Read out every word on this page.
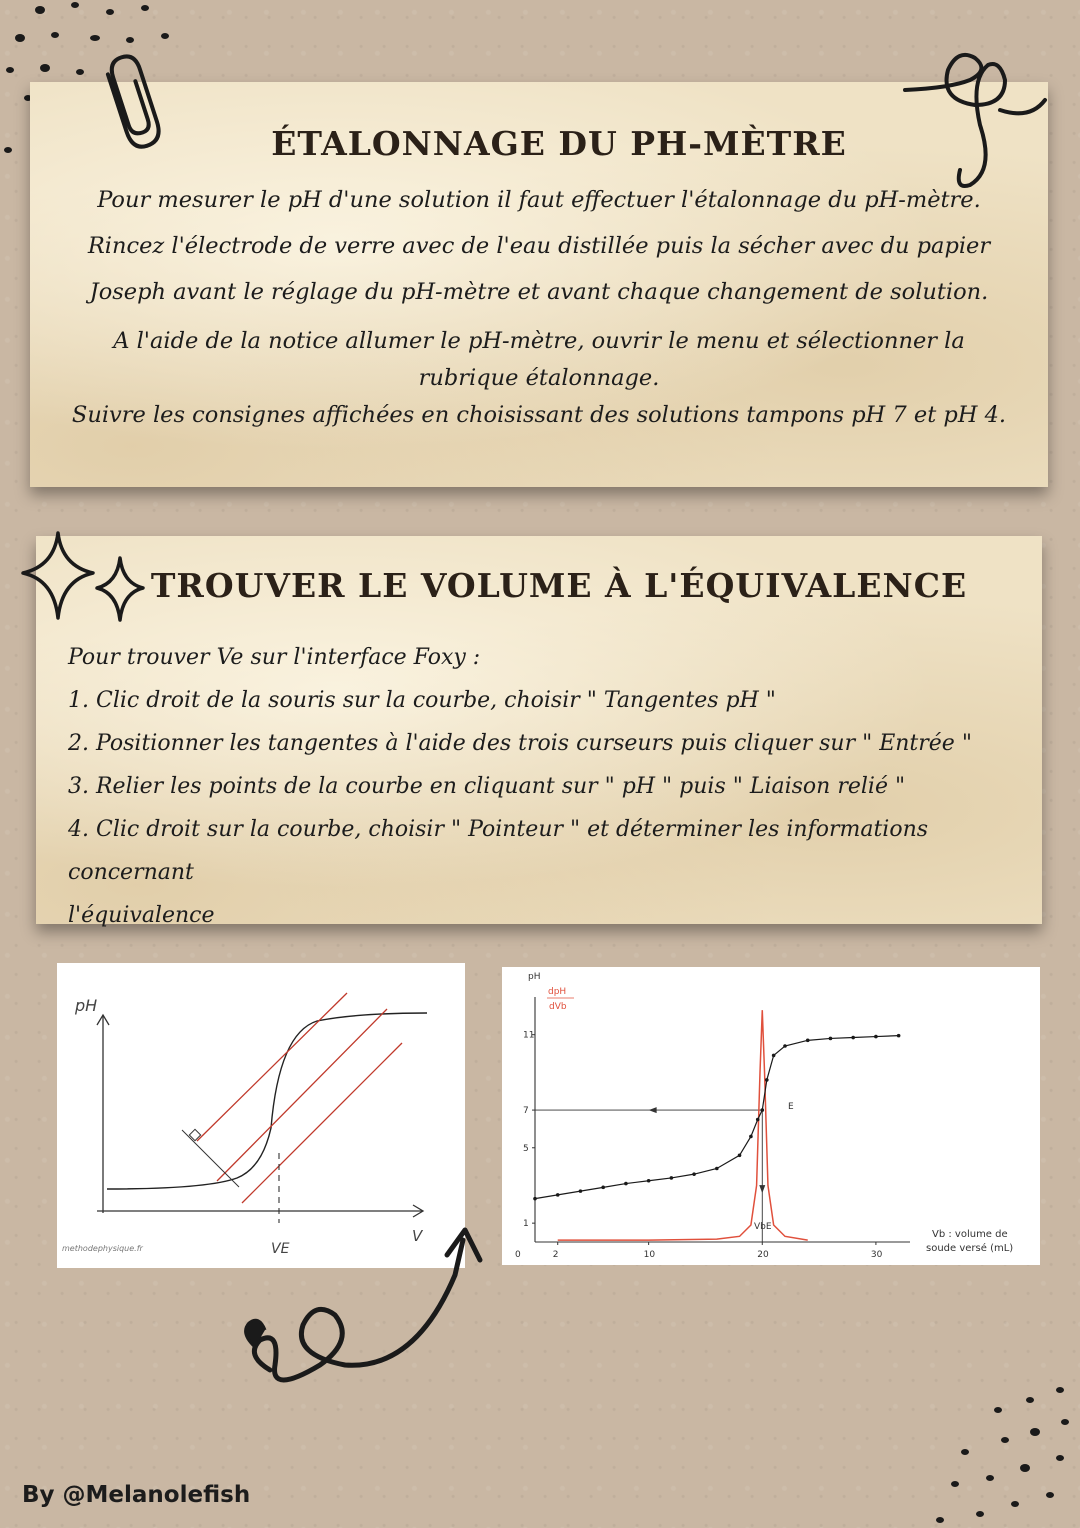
ÉTALONNAGE DU PH-MÈTRE

Pour mesurer le pH d'une solution il faut effectuer l'étalonnage du pH-mètre.

Rincez l'électrode de verre avec de l'eau distillée puis la sécher avec du papier

Joseph avant le réglage du pH-mètre et avant chaque changement de solution.

A l'aide de la notice allumer le pH-mètre, ouvrir le menu et sélectionner la

rubrique étalonnage.

Suivre les consignes affichées en choisissant des solutions tampons pH 7 et pH 4.

TROUVER LE VOLUME À L'ÉQUIVALENCE

Pour trouver Ve sur l'interface Foxy :

1. Clic droit de la souris sur la courbe, choisir " Tangentes pH "
2. Positionner les tangentes à l'aide des trois curseurs puis cliquer sur " Entrée "
3. Relier les points de la courbe en cliquant sur " pH " puis " Liaison relié "
4. Clic droit sur la courbe, choisir " Pointeur " et déterminer les informations concernant
l'équivalence
pH
V
VE
methodephysique.fr
pH
dpH
dVb
1
5
7
11
0	2	10	20	30
E
VbE
Vb : volume de
soude versé (mL)
By @Melanolefish
